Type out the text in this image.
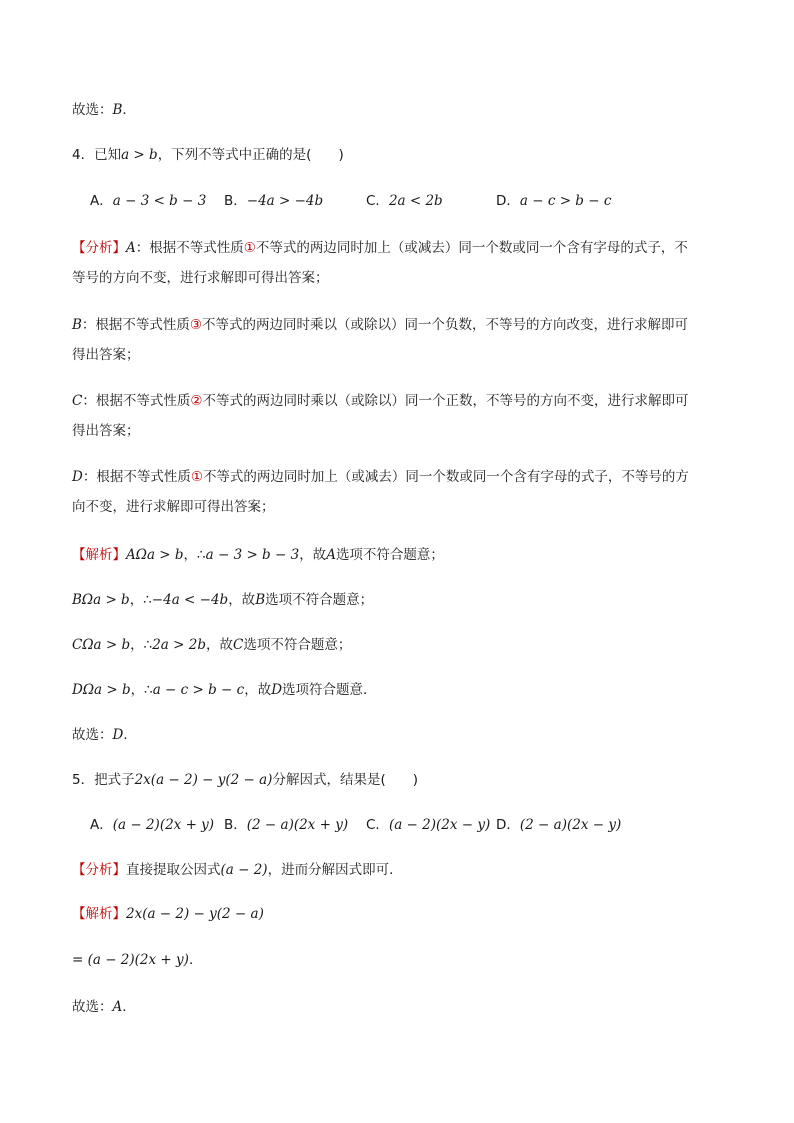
故选：B．
4．已知a > b，下列不等式中正确的是(　　)
A．a − 3 < b − 3 B．−4a > −4b	C．2a < 2b	D．a − c > b − c
【分析】A：根据不等式性质①不等式的两边同时加上（或减去）同一个数或同一个含有字母的式子，不
等号的方向不变，进行求解即可得出答案；
B：根据不等式性质③不等式的两边同时乘以（或除以）同一个负数，不等号的方向改变，进行求解即可
得出答案；
C：根据不等式性质②不等式的两边同时乘以（或除以）同一个正数，不等号的方向不变，进行求解即可
得出答案；
D：根据不等式性质①不等式的两边同时加上（或减去）同一个数或同一个含有字母的式子，不等号的方
向不变，进行求解即可得出答案；
【解析】AΩa > b，∴a − 3 > b − 3，故A选项不符合题意；
BΩa > b，∴−4a < −4b，故B选项不符合题意；
CΩa > b，∴2a > 2b，故C选项不符合题意；
DΩa > b，∴a − c > b − c，故D选项符合题意．
故选：D．
5．把式子2x(a − 2) − y(2 − a)分解因式，结果是(　　)
A．(a − 2)(2x + y) B．(2 − a)(2x + y) C．(a − 2)(2x − y) D．(2 − a)(2x − y)
【分析】直接提取公因式(a − 2)，进而分解因式即可．
【解析】2x(a − 2) − y(2 − a)
= (a − 2)(2x + y)．
故选：A．
